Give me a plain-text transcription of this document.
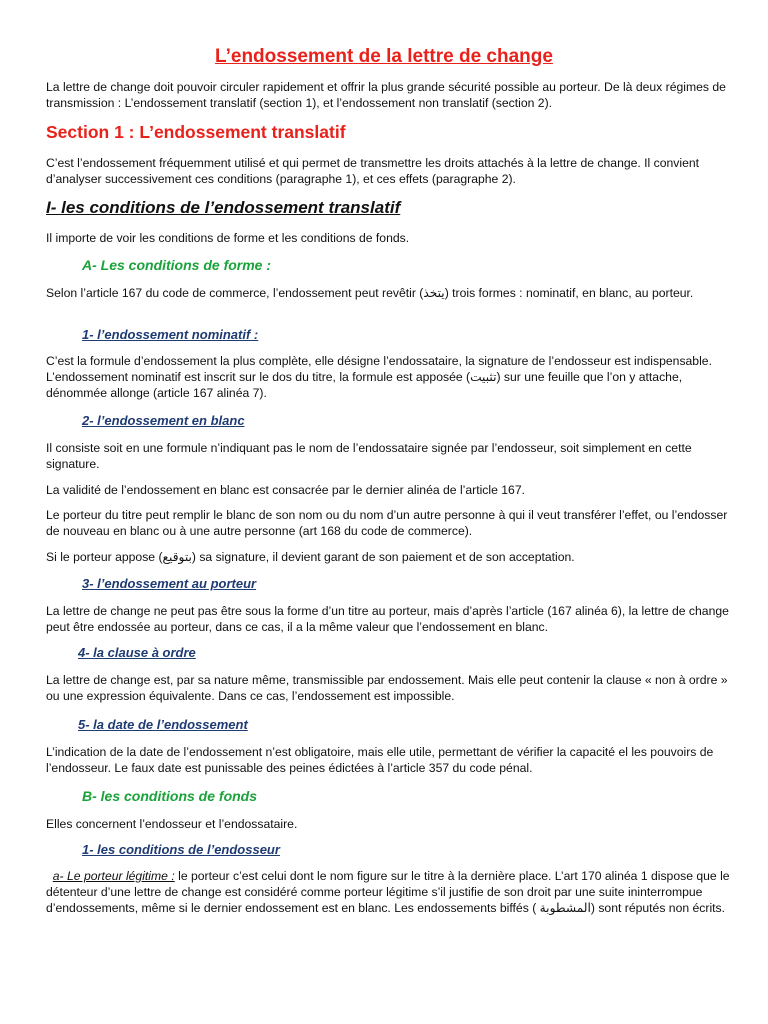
L’endossement de la lettre de change

La lettre de change doit pouvoir circuler rapidement et offrir la plus grande sécurité possible au porteur. De là deux régimes de transmission : L’endossement translatif (section 1), et l’endossement non translatif (section 2).

Section 1 : L’endossement translatif

C’est l’endossement fréquemment utilisé et qui permet de transmettre les droits attachés à la lettre de change. Il convient d’analyser successivement ces conditions (paragraphe 1), et ces effets (paragraphe 2).

I- les conditions de l’endossement translatif

Il importe de voir les conditions de forme et les conditions de fonds.

A- Les conditions de forme :

Selon l’article 167 du code de commerce, l’endossement peut revêtir (يتخذ) trois formes : nominatif, en blanc, au porteur.

1- l’endossement nominatif :

C’est la formule d’endossement la plus complète, elle désigne l’endossataire, la signature de l’endosseur est indispensable. L’endossement nominatif est inscrit sur le dos du titre, la formule est apposée (تثبيت) sur une feuille que l’on y attache, dénommée allonge (article 167 alinéa 7).

2- l’endossement en blanc

Il consiste soit en une formule n’indiquant pas le nom de l’endossataire signée par l’endosseur, soit simplement en cette signature.

La validité de l’endossement en blanc est consacrée par le dernier alinéa de l’article 167.

Le porteur du titre peut remplir le blanc de son nom ou du nom d’un autre personne à qui il veut transférer l’effet, ou l’endosser de nouveau en blanc ou à une autre personne (art 168 du code de commerce).

Si le porteur appose (بتوقيع) sa signature, il devient garant de son paiement et de son acceptation.

3- l’endossement au porteur

La lettre de change ne peut pas être sous la forme d’un titre au porteur, mais d’après l’article (167 alinéa 6), la lettre de change peut être endossée au porteur, dans ce cas, il a la même valeur que l’endossement en blanc.

4- la clause à ordre

La lettre de change est, par sa nature même, transmissible par endossement. Mais elle peut contenir la clause « non à ordre » ou une expression équivalente. Dans ce cas, l’endossement est impossible.

5- la date de l’endossement

L’indication de la date de l’endossement n’est obligatoire, mais elle utile, permettant de vérifier la capacité el les pouvoirs de l’endosseur. Le faux date est punissable des peines édictées à l’article 357 du code pénal.

B- les conditions de fonds

Elles concernent l’endosseur et l’endossataire.

1- les conditions de l’endosseur

a- Le porteur légitime : le porteur c’est celui dont le nom figure sur le titre à la dernière place. L’art 170 alinéa 1 dispose que le détenteur d’une lettre de change est considéré comme porteur légitime s’il justifie de son droit par une suite ininterrompue d’endossements, même si le dernier endossement est en blanc. Les endossements biffés ( المشطوبة) sont réputés non écrits.
